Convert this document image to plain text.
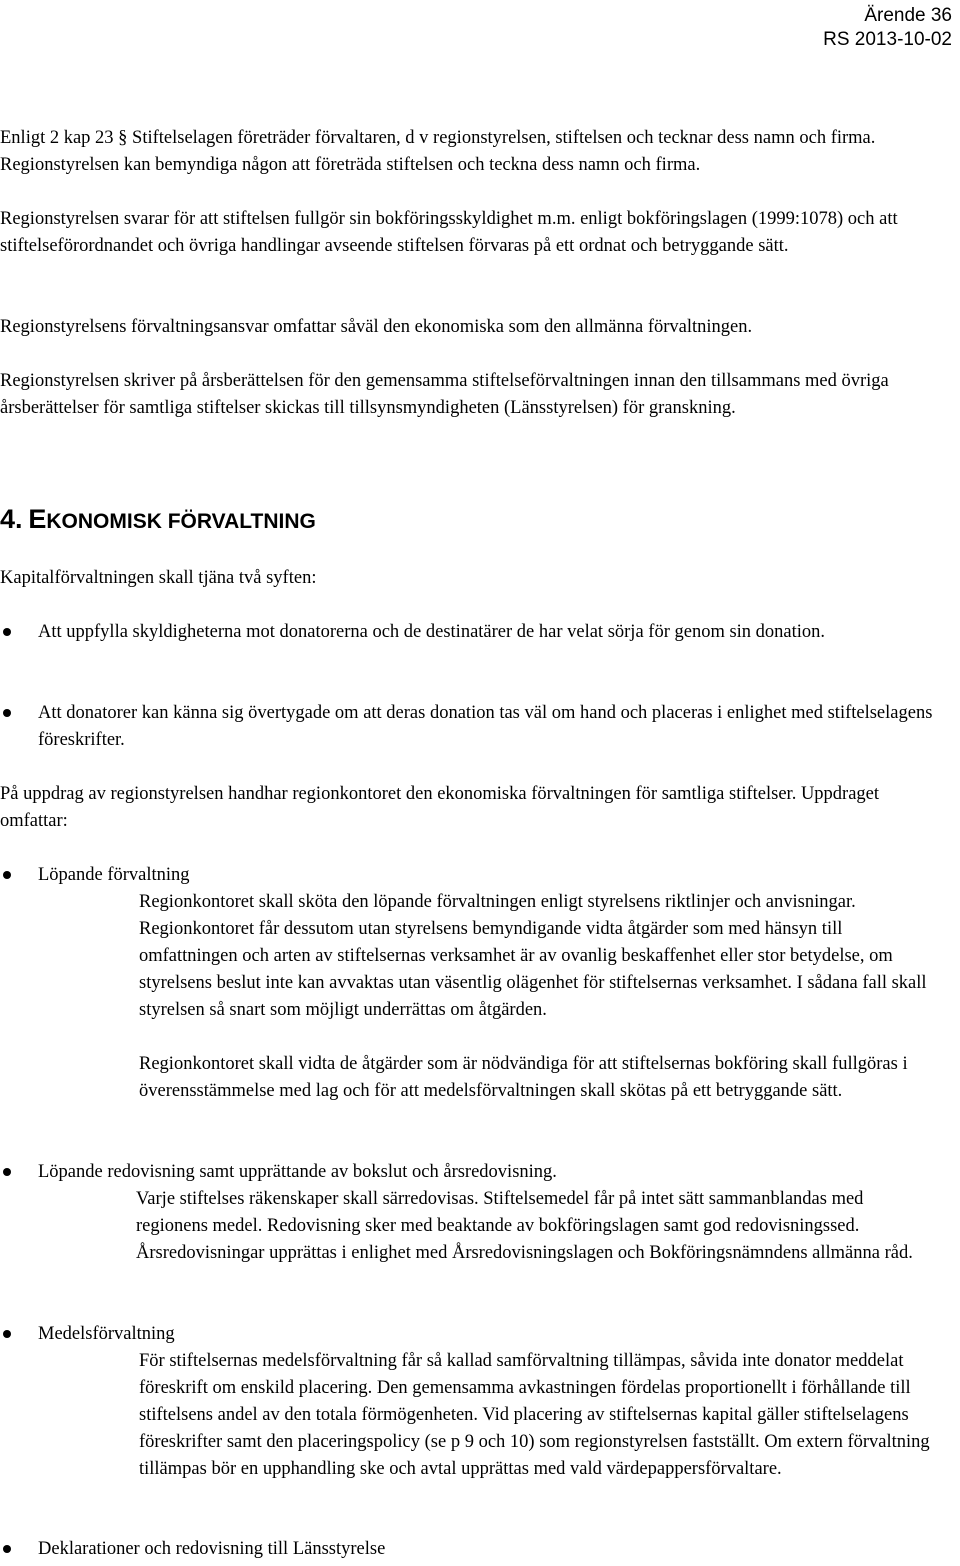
Ärende 36
RS 2013-10-02

Enligt 2 kap 23 § Stiftelselagen företräder förvaltaren, d v regionstyrelsen, stiftelsen och tecknar dess namn och firma. Regionstyrelsen kan bemyndiga någon att företräda stiftelsen och teckna dess namn och firma.

Regionstyrelsen svarar för att stiftelsen fullgör sin bokföringsskyldighet m.m. enligt bokföringslagen (1999:1078) och att stiftelseförordnandet och övriga handlingar avseende stiftelsen förvaras på ett ordnat och betryggande sätt.

Regionstyrelsens förvaltningsansvar omfattar såväl den ekonomiska som den allmänna förvaltningen.

Regionstyrelsen skriver på årsberättelsen för den gemensamma stiftelseförvaltningen innan den tillsammans med övriga årsberättelser för samtliga stiftelser skickas till tillsynsmyndigheten (Länsstyrelsen) för granskning.

4. EKONOMISK FÖRVALTNING

Kapitalförvaltningen skall tjäna två syften:

Att uppfylla skyldigheterna mot donatorerna och de destinatärer de har velat sörja för genom sin donation.

Att donatorer kan känna sig övertygade om att deras donation tas väl om hand och placeras i enlighet med stiftelselagens föreskrifter.

På uppdrag av regionstyrelsen handhar regionkontoret den ekonomiska förvaltningen för samtliga stiftelser. Uppdraget omfattar:

Löpande förvaltning

Regionkontoret skall sköta den löpande förvaltningen enligt styrelsens riktlinjer och anvisningar. Regionkontoret får dessutom utan styrelsens bemyndigande vidta åtgärder som med hänsyn till omfattningen och arten av stiftelsernas verksamhet är av ovanlig beskaffenhet eller stor betydelse, om styrelsens beslut inte kan avvaktas utan väsentlig olägenhet för stiftelsernas verksamhet. I sådana fall skall styrelsen så snart som möjligt underrättas om åtgärden.

Regionkontoret skall vidta de åtgärder som är nödvändiga för att stiftelsernas bokföring skall fullgöras i överensstämmelse med lag och för att medelsförvaltningen skall skötas på ett betryggande sätt.

Löpande redovisning samt upprättande av bokslut och årsredovisning.

Varje stiftelses räkenskaper skall särredovisas. Stiftelsemedel får på intet sätt sammanblandas med regionens medel. Redovisning sker med beaktande av bokföringslagen samt god redovisningssed. Årsredovisningar upprättas i enlighet med Årsredovisningslagen och Bokföringsnämndens allmänna råd.

Medelsförvaltning

För stiftelsernas medelsförvaltning får så kallad samförvaltning tillämpas, såvida inte donator meddelat föreskrift om enskild placering. Den gemensamma avkastningen fördelas proportionellt i förhållande till stiftelsens andel av den totala förmögenheten. Vid placering av stiftelsernas kapital gäller stiftelselagens föreskrifter samt den placeringspolicy (se p 9 och 10) som regionstyrelsen fastställt. Om extern förvaltning tillämpas bör en upphandling ske och avtal upprättas med vald värdepappersförvaltare.

Deklarationer och redovisning till Länsstyrelse
